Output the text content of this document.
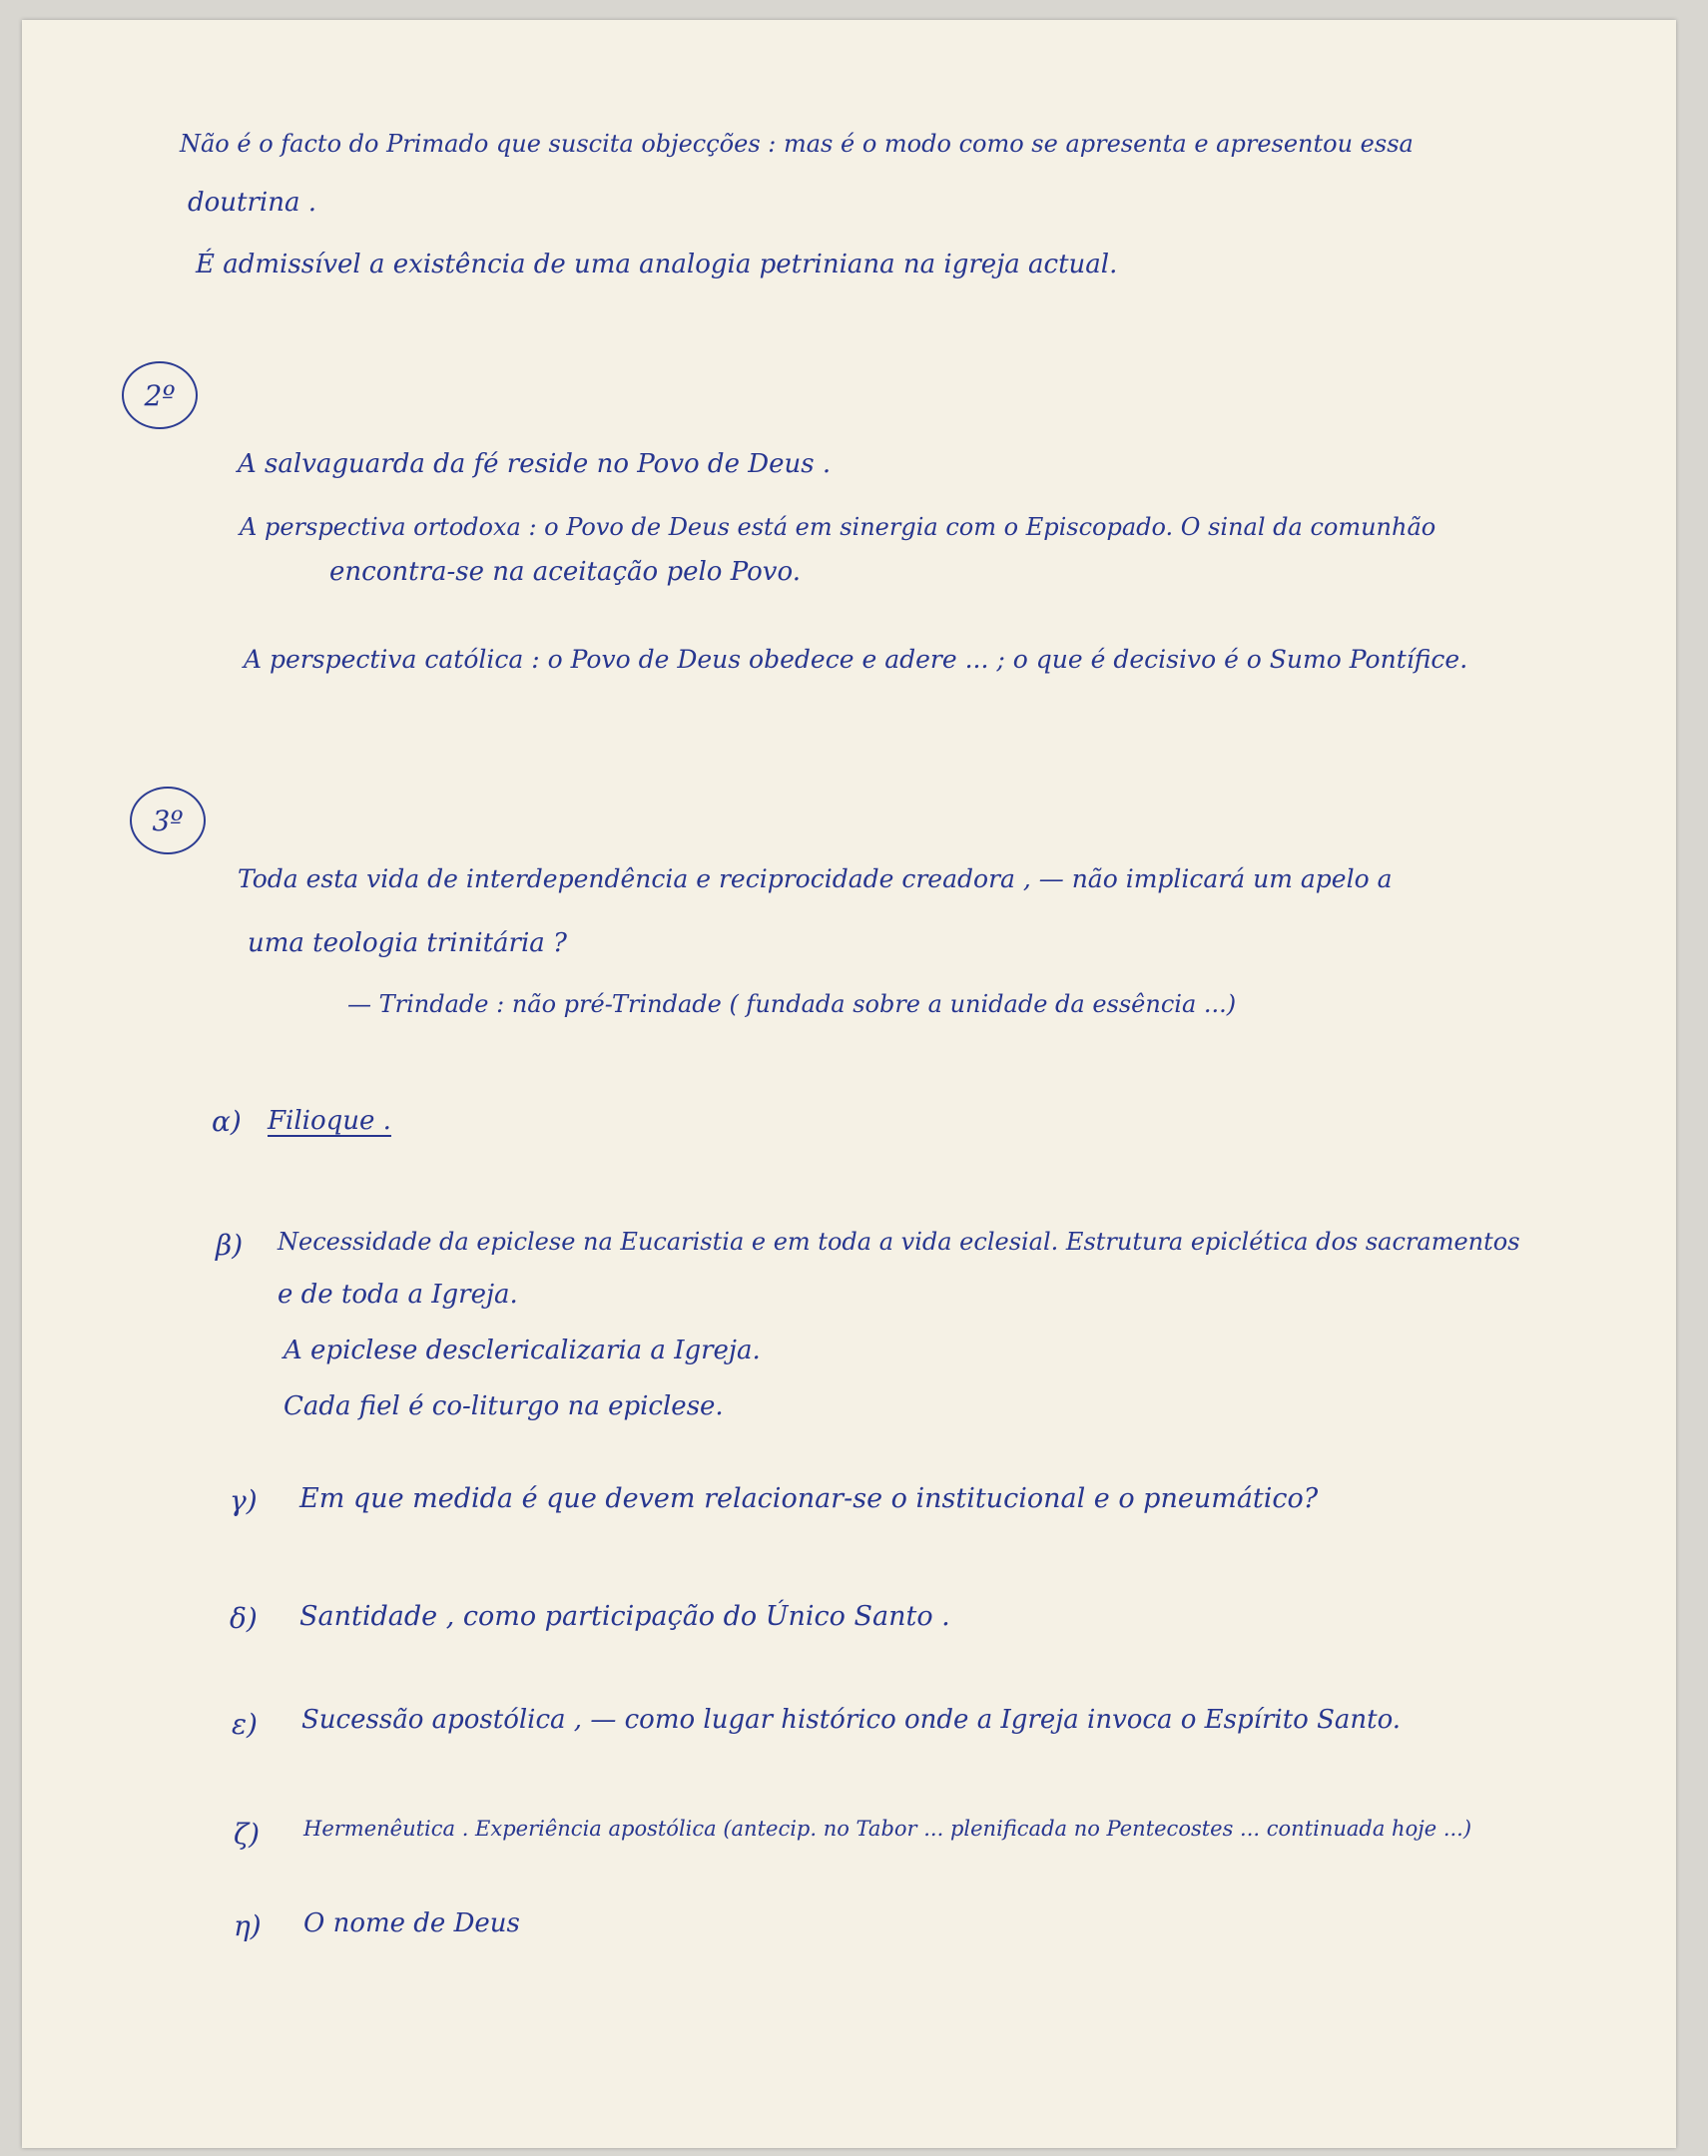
Não é o facto do Primado que suscita objecções : mas é o modo como se apresenta e apresentou essa
doutrina .
É admissível a existência de uma analogia petriniana na igreja actual.
2º
A salvaguarda da fé reside no Povo de Deus .
A perspectiva ortodoxa : o Povo de Deus está em sinergia com o Episcopado. O sinal da comunhão
encontra-se na aceitação pelo Povo.
A perspectiva católica : o Povo de Deus obedece e adere ... ; o que é decisivo é o Sumo Pontífice.
3º
Toda esta vida de interdependência e reciprocidade creadora , — não implicará um apelo a
uma teologia trinitária ?
— Trindade : não pré-Trindade ( fundada sobre a unidade da essência ...)
α) Filioque .
β) Necessidade da epiclese na Eucaristia e em toda a vida eclesial. Estrutura epiclética dos sacramentos
e de toda a Igreja.
A epiclese desclericalizaria a Igreja.
Cada fiel é co-liturgo na epiclese.
γ) Em que medida é que devem relacionar-se o institucional e o pneumático?
δ) Santidade , como participação do Único Santo .
ε) Sucessão apostólica , — como lugar histórico onde a Igreja invoca o Espírito Santo.
ζ) Hermenêutica . Experiência apostólica (antecip. no Tabor ... plenificada no Pentecostes ... continuada hoje ...)
η) O nome de Deus
